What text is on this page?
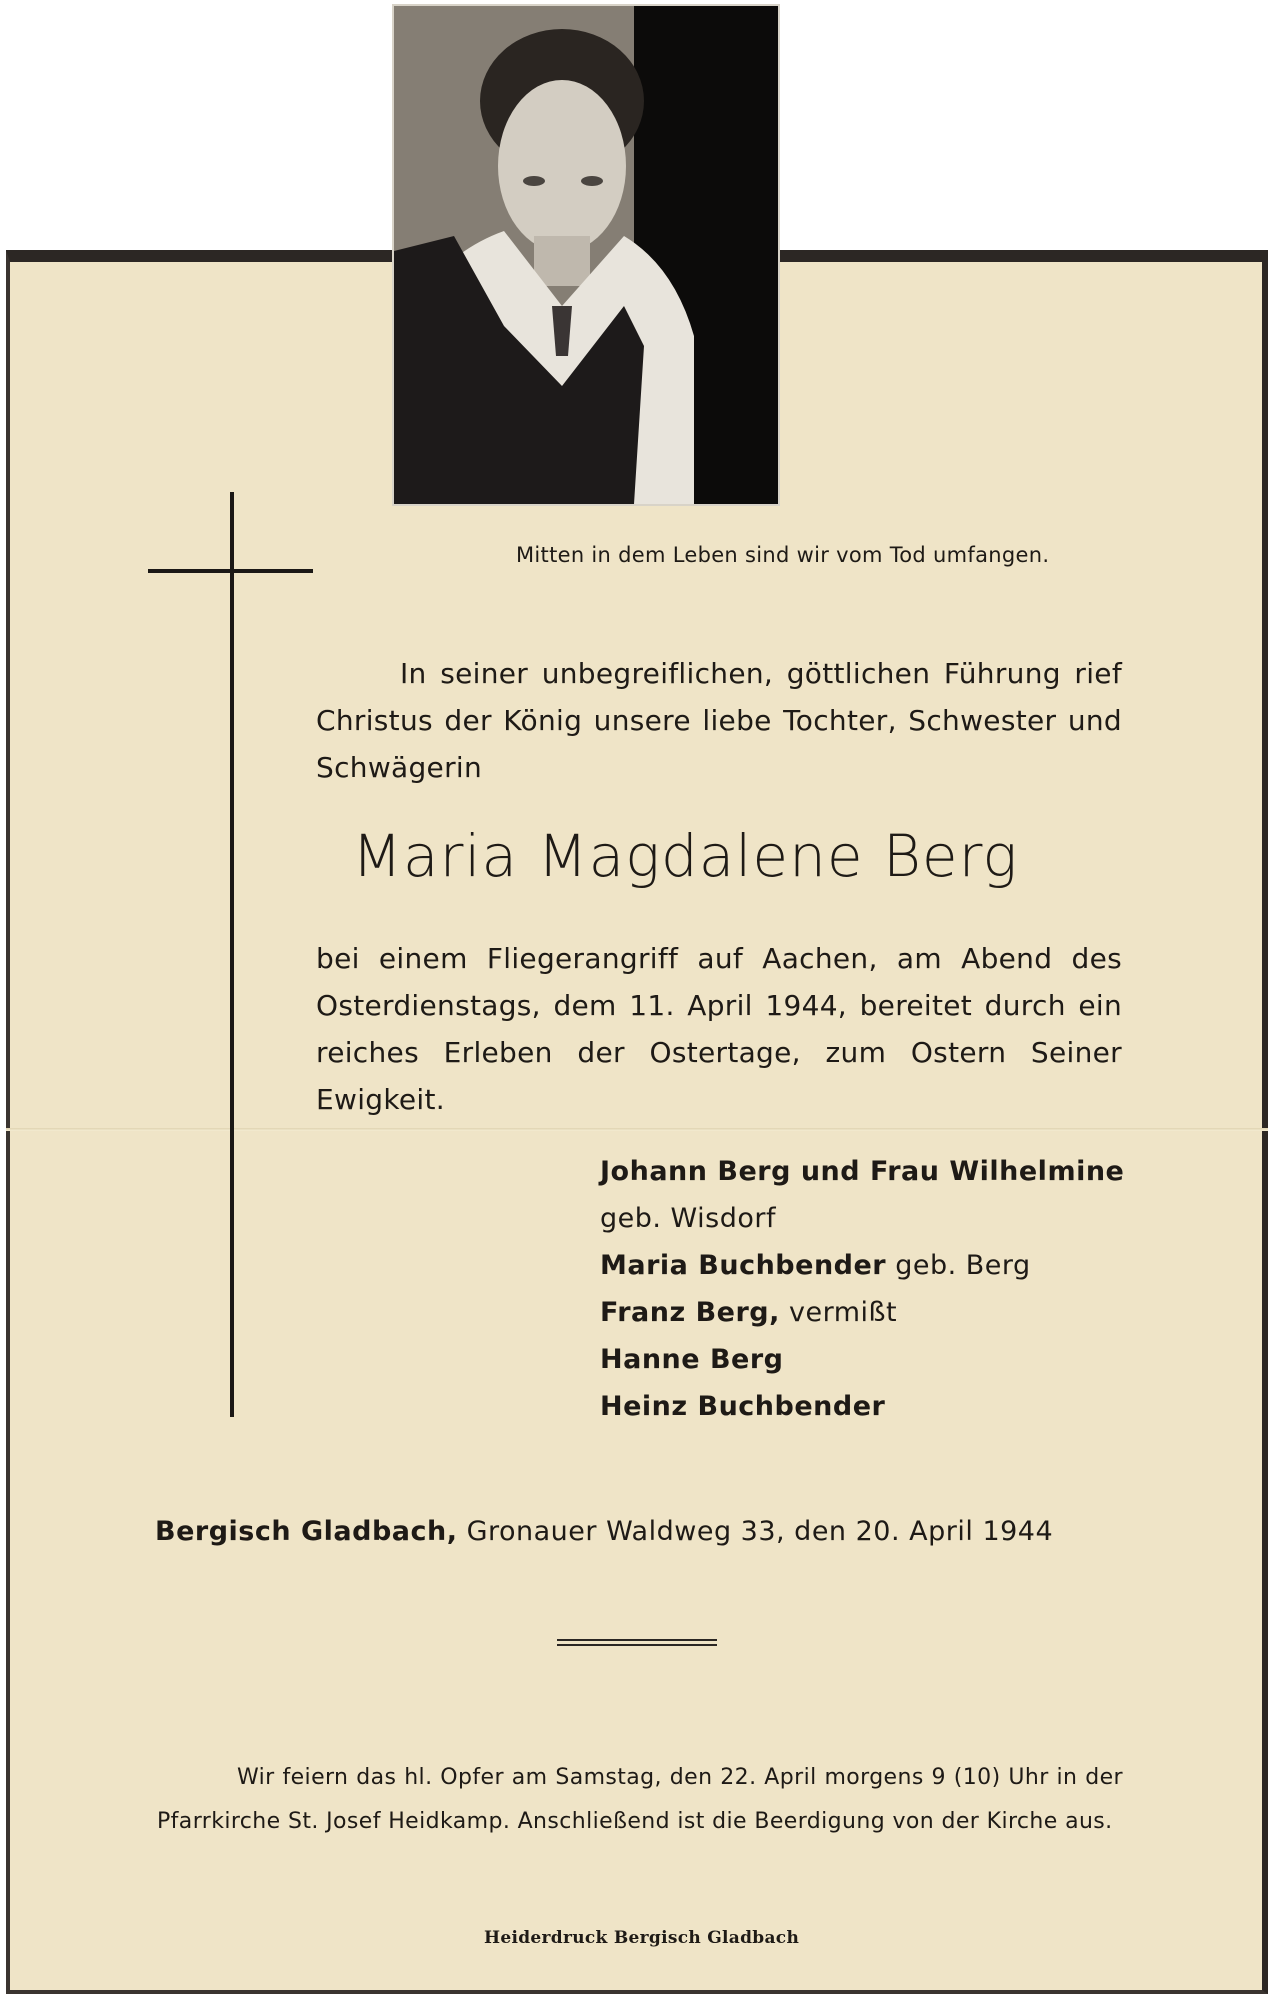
Mitten in dem Leben sind wir vom Tod umfangen.
In seiner unbegreiflichen, göttlichen Führung rief Christus der König unsere liebe Tochter, Schwester und Schwägerin
Maria Magdalene Berg
bei einem Fliegerangriff auf Aachen, am Abend des Osterdienstags, dem 11. April 1944, bereitet durch ein reiches Erleben der Ostertage, zum Ostern Seiner Ewigkeit.
Johann Berg und Frau Wilhelmine
geb. Wisdorf
Maria Buchbender geb. Berg
Franz Berg, vermißt
Hanne Berg
Heinz Buchbender
Bergisch Gladbach, Gronauer Waldweg 33, den 20. April 1944
Wir feiern das hl. Opfer am Samstag, den 22. April morgens 9 (10) Uhr in der Pfarrkirche St. Josef Heidkamp. Anschließend ist die Beerdigung von der Kirche aus.
Heiderdruck Bergisch Gladbach
